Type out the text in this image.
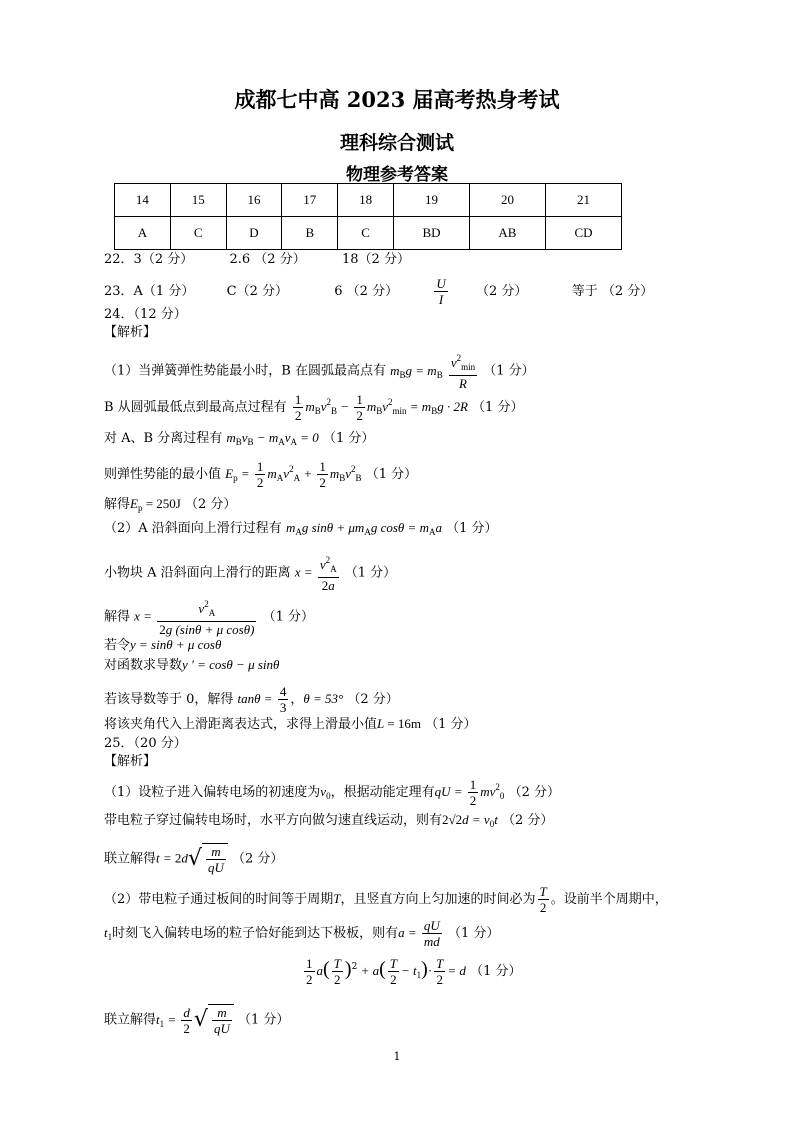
成都七中高 2023 届高考热身考试
理科综合测试
物理参考答案
14	15	16	17	18	19	20	21
A	C	D	B	C	BD	AB	CD
22．3（2 分）	2.6 （2 分）	18（2 分）
23．A（1 分） C（2 分）	6 （2 分）	$\frac{U}{I} (2$ 分）	等于 （2 分）
24．（12 分）
【解析】
（1）当弹簧弹性势能最小时，B 在圆弧最高点有 $m_Bg = m_B \frac{v^2_{min}}{R} (1$ 分）
B 从圆弧最低点到最高点过程有 $\frac{1}{2} m_Bv^2_B - \frac{1}{2} m_Bv^2_{min} = m_Bg \cdot 2R$ （1 分）
对 A、B 分离过程有 $m_Bv_B - m_Av_A = 0$ （1 分）
则弹性势能的最小值 $E_p = \frac{1}{2} m_Av^2_A + \frac{1}{2} m_Bv^2_B$ （1 分）
解得$E_p = 250J$ （2 分）
（2）A 沿斜面向上滑行过程有 $m_Ag$ $\sin\theta + \mu m_Ag$ $\cos\theta = m_Aa$ （1 分）
小物块 A 沿斜面向上滑行的距离 $x = \frac{v^2_A}{2a} (1$ 分）
解得 $x = \frac{v^2_A}{\text{2g (sinθ + μ cosθ)}} (1$ 分）
若令y = sinθ + μ cosθ
对函数求导数y ' = cosθ − μ sinθ
若该导数等于 0，解得 $\tan\theta = \frac{4}{3}$ ，θ = 53° （2 分）
将该夹角代入上滑距离表达式，求得上滑最小值L = 16m （1 分）
25．（20 分）
【解析】
（1）设粒子进入偏转电场的初速度为$v_0$，根据动能定理有qU = $\frac{1}{2} mv^2_0$ （2 分）
带电粒子穿过偏转电场时，水平方向做匀速直线运动，则有$2√2d = v_0t$ （2 分）
联立解得$t = 2d√ \frac{m}{qU} (2$ 分）
（2）带电粒子通过板间的时间等于周期T，且竖直方向上匀加速的时间必为 $\frac{T}{2}$ 。设前半个周期中，
$t_1$时刻飞入偏转电场的粒子恰好能到达下极板，则有$a = \frac{qU}{md} (1$ 分）
$\frac{1}{2} a( \frac{T}{2} )^2 + a( \frac{T}{2} - t_1)\cdot \frac{T}{2} = d$ （1 分）
联立解得$t_1 = \frac{d}{2}$ √ $\frac{m}{qU} (1$ 分）
1
